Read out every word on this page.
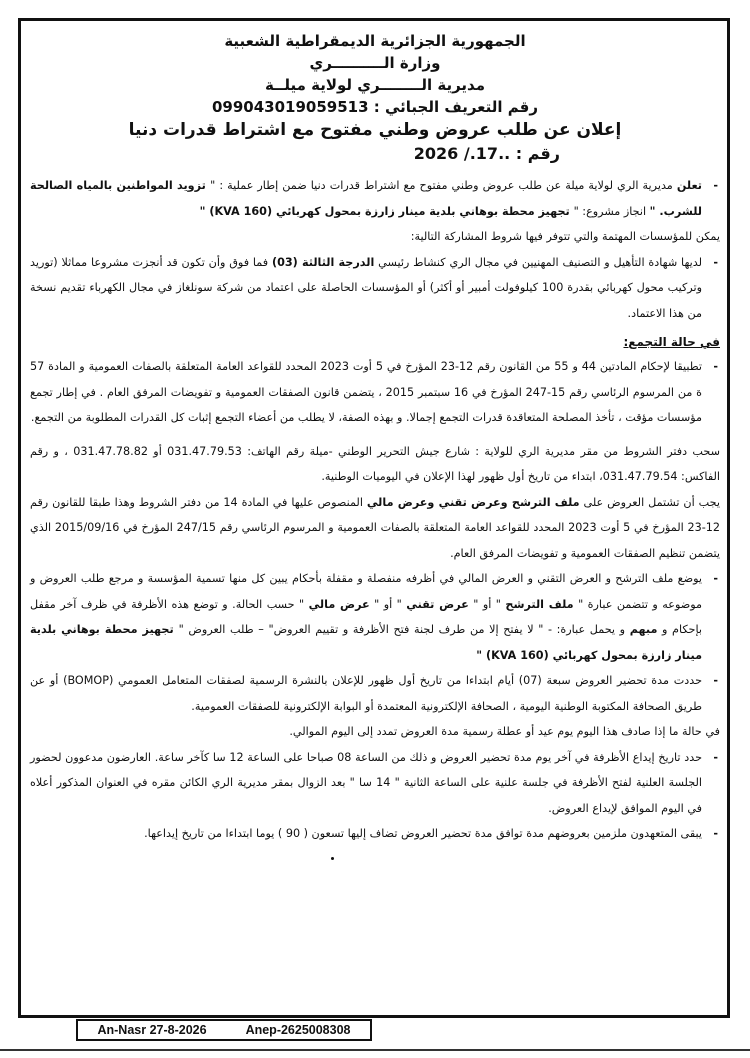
الجمهورية الجزائرية الديمقراطية الشعبية

وزارة الــــــــــري

مديرية الــــــــري لولاية ميلــة

رقم التعريف الجبائي : 099043019059513

إعلان عن طلب عروض وطني مفتوح مع اشتراط قدرات دنيا

رقم : ..17./ 2026

- تعلن مديرية الري لولاية ميلة عن طلب عروض وطني مفتوح مع اشتراط قدرات دنيا ضمن إطار عملية : " تزويد المواطنين بالمياه الصالحة للشرب. " انجاز مشروع: " تجهيز محطة بوهاني بلدية مينار زارزة بمحول كهربائي (160 KVA) "

يمكن للمؤسسات المهتمة والتي تتوفر فيها شروط المشاركة التالية:

- لديها شهادة التأهيل و التصنيف المهنيين في مجال الري كنشاط رئيسي الدرجة الثالثة (03) فما فوق وأن تكون قد أنجزت مشروعا مماثلا (توريد وتركيب محول كهربائي بقدرة 100 كيلوفولت أمبير أو أكثر) أو المؤسسات الحاصلة على اعتماد من شركة سونلغاز في مجال الكهرباء تقديم نسخة من هذا الاعتماد.

في حالة التجمع:

- تطبيقا لإحكام المادتين 44 و 55 من القانون رقم 12-23 المؤرخ في 5 أوت 2023 المحدد للقواعد العامة المتعلقة بالصفات العمومية و المادة 57 ة من المرسوم الرئاسي رقم 15-247 المؤرخ في 16 سبتمبر 2015 ، يتضمن قانون الصفقات العمومية و تفويضات المرفق العام . في إطار تجمع مؤسسات مؤقت ، تأخذ المصلحة المتعاقدة قدرات التجمع إجمالا. و بهذه الصفة، لا يطلب من أعضاء التجمع إثبات كل القدرات المطلوبة من التجمع.

سحب دفتر الشروط من مقر مديرية الري للولاية : شارع جيش التحرير الوطني -ميلة رقم الهاتف: 031.47.79.53 أو 031.47.78.82 ، و رقم الفاكس: 031.47.79.54، ابتداء من تاريخ أول ظهور لهذا الإعلان في اليوميات الوطنية.

يجب أن تشتمل العروض على ملف الترشح وعرض تقني وعرض مالي المنصوص عليها في المادة 14 من دفتر الشروط وهذا طبقا للقانون رقم 12-23 المؤرخ في 5 أوت 2023 المحدد للقواعد العامة المتعلقة بالصفات العمومية و المرسوم الرئاسي رقم 247/15 المؤرخ في 2015/09/16 الذي يتضمن تنظيم الصفقات العمومية و تفويضات المرفق العام.

- يوضع ملف الترشح و العرض التقني و العرض المالي في أظرفه منفصلة و مقفلة بأحكام يبين كل منها تسمية المؤسسة و مرجع طلب العروض و موضوعه و تتضمن عبارة " ملف الترشح " أو " عرض تقني " أو " عرض مالي " حسب الحالة. و توضع هذه الأظرفة في ظرف آخر مقفل بإحكام و مبهم و يحمل عبارة: - " لا يفتح إلا من طرف لجنة فتح الأظرفة و تقييم العروض" – طلب العروض " تجهيز محطة بوهاني بلدية مينار زارزة بمحول كهربائي (160 KVA) "

- حددت مدة تحضير العروض سبعة (07) أيام ابتداءا من تاريخ أول ظهور للإعلان بالنشرة الرسمية لصفقات المتعامل العمومي (BOMOP) أو عن طريق الصحافة المكتوبة الوطنية اليومية ، الصحافة الإلكترونية المعتمدة أو البوابة الإلكترونية للصفقات العمومية.

في حالة ما إذا صادف هذا اليوم يوم عيد أو عطلة رسمية مدة العروض تمدد إلى اليوم الموالي.

- حدد تاريخ إيداع الأظرفة في آخر يوم مدة تحضير العروض و ذلك من الساعة 08 صباحا على الساعة 12 سا كآخر ساعة. العارضون مدعوون لحضور الجلسة العلنية لفتح الأظرفة في جلسة علنية على الساعة الثانية " 14 سا " بعد الزوال بمقر مديرية الري الكائن مقره في العنوان المذكور أعلاه في اليوم الموافق لإيداع العروض.

- يبقى المتعهدون ملزمين بعروضهم مدة توافق مدة تحضير العروض تضاف إليها تسعون ( 90 ) يوما ابتداءا من تاريخ إيداعها.

An-Nasr 27-8-2026	Anep-2625008308
